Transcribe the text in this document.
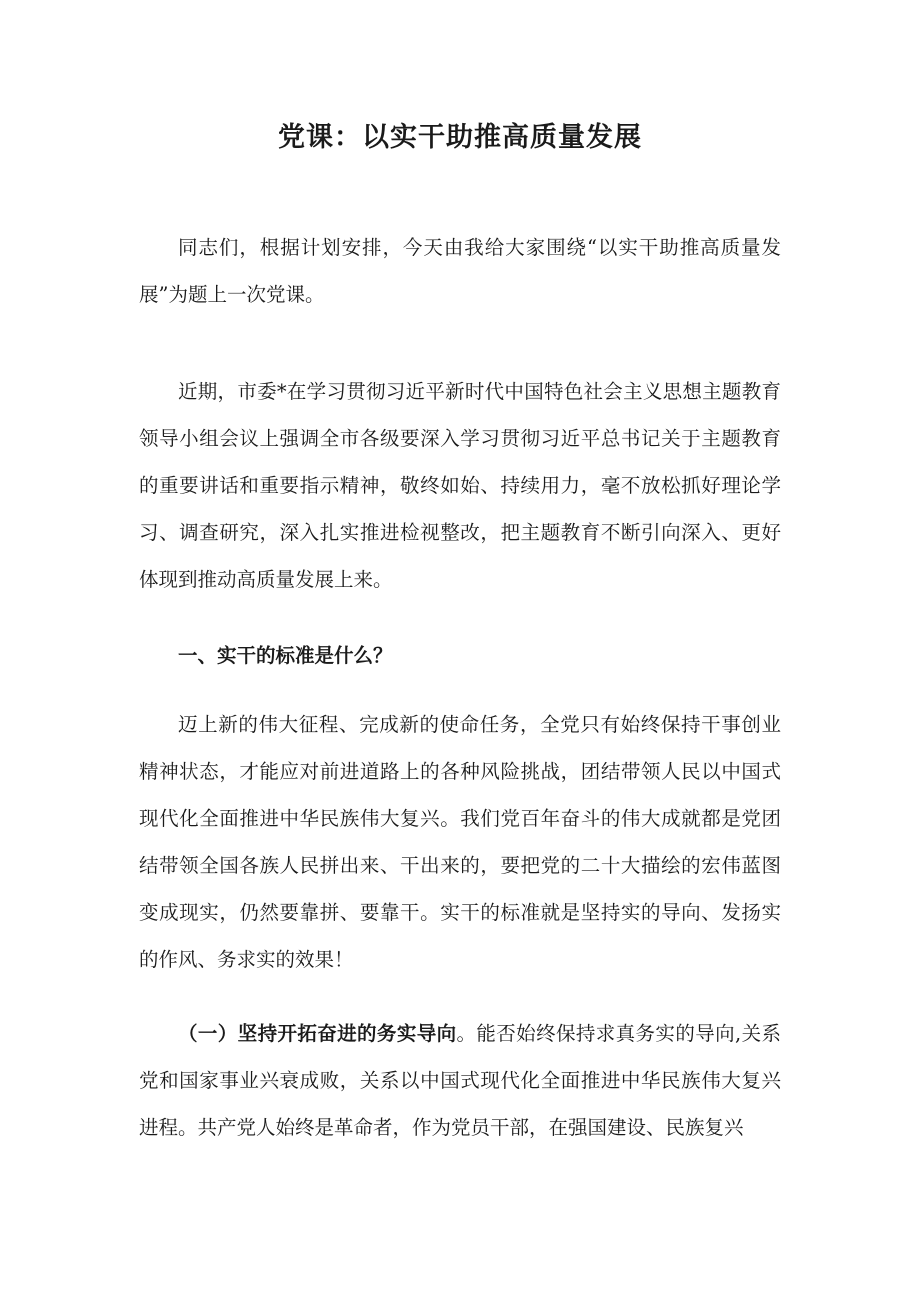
党课：以实干助推高质量发展

同志们，根据计划安排，今天由我给大家围绕“以实干助推高质量发展”为题上一次党课。

近期，市委*在学习贯彻习近平新时代中国特色社会主义思想主题教育领导小组会议上强调全市各级要深入学习贯彻习近平总书记关于主题教育的重要讲话和重要指示精神，敬终如始、持续用力，毫不放松抓好理论学习、调查研究，深入扎实推进检视整改，把主题教育不断引向深入、更好体现到推动高质量发展上来。

一、实干的标准是什么？

迈上新的伟大征程、完成新的使命任务，全党只有始终保持干事创业精神状态，才能应对前进道路上的各种风险挑战，团结带领人民以中国式现代化全面推进中华民族伟大复兴。我们党百年奋斗的伟大成就都是党团结带领全国各族人民拼出来、干出来的，要把党的二十大描绘的宏伟蓝图变成现实，仍然要靠拼、要靠干。实干的标准就是坚持实的导向、发扬实的作风、务求实的效果！

（一）坚持开拓奋进的务实导向。能否始终保持求真务实的导向,关系党和国家事业兴衰成败，关系以中国式现代化全面推进中华民族伟大复兴进程。共产党人始终是革命者，作为党员干部，在强国建设、民族复兴
